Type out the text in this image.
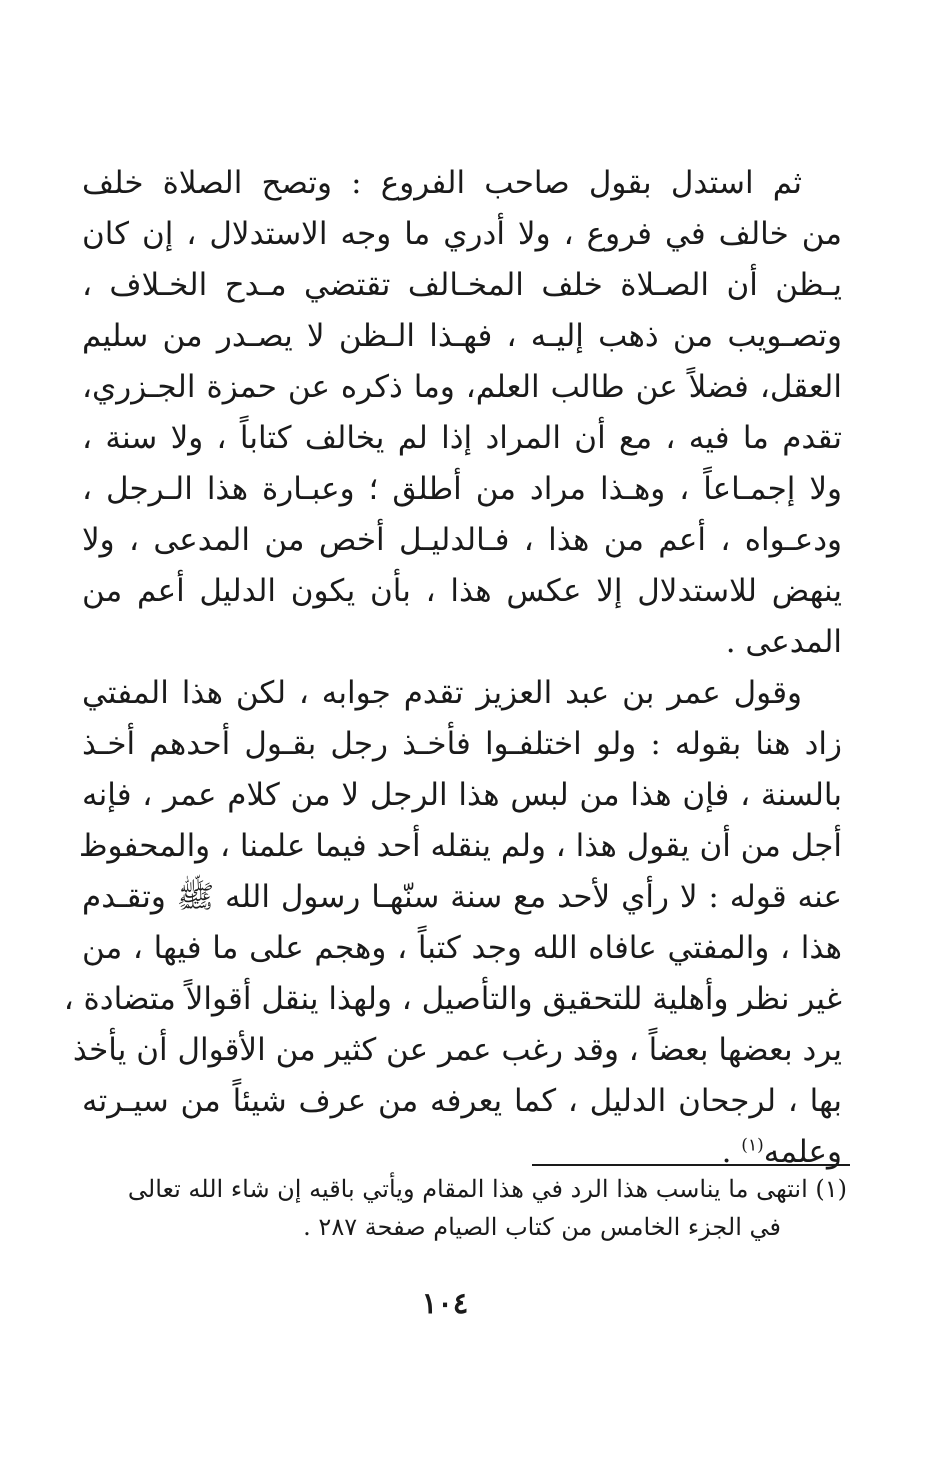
ثم استدل بقول صاحب الفروع : وتصح الصلاة خلف
من خالف في فروع ، ولا أدري ما وجه الاستدلال ، إن كان
يـظن أن الصـلاة خلف المخـالف تقتضي مـدح الخـلاف ،
وتصـويب من ذهب إليـه ، فهـذا الـظن لا يصـدر من سليم
العقل، فضلاً عن طالب العلم، وما ذكره عن حمزة الجـزري،
تقدم ما فيه ، مع أن المراد إذا لم يخالف كتاباً ، ولا سنة ،
ولا إجمـاعاً ، وهـذا مراد من أطلق ؛ وعبـارة هذا الـرجل ،
ودعـواه ، أعم من هذا ، فـالدليـل أخص من المدعى ، ولا
ينهض للاستدلال إلا عكس هذا ، بأن يكون الدليل أعم من
المدعى .
وقول عمر بن عبد العزيز تقدم جوابه ، لكن هذا المفتي
زاد هنا بقوله : ولو اختلفـوا فأخـذ رجل بقـول أحدهم أخـذ
بالسنة ، فإن هذا من لبس هذا الرجل لا من كلام عمر ، فإنه
أجل من أن يقول هذا ، ولم ينقله أحد فيما علمنا ، والمحفوظ
عنه قوله : لا رأي لأحد مع سنة سنّهـا رسول الله ﷺ وتقـدم
هذا ، والمفتي عافاه الله وجد كتباً ، وهجم على ما فيها ، من
غير نظر وأهلية للتحقيق والتأصيل ، ولهذا ينقل أقوالاً متضادة ،
يرد بعضها بعضاً ، وقد رغب عمر عن كثير من الأقوال أن يأخذ
بها ، لرجحان الدليل ، كما يعرفه من عرف شيئاً من سيـرته
وعلمه$^{(١)}$ .
(١) انتهى ما يناسب هذا الرد في هذا المقام ويأتي باقيه إن شاء الله تعالى
في الجزء الخامس من كتاب الصيام صفحة ٢٨٧ .
١٠٤
